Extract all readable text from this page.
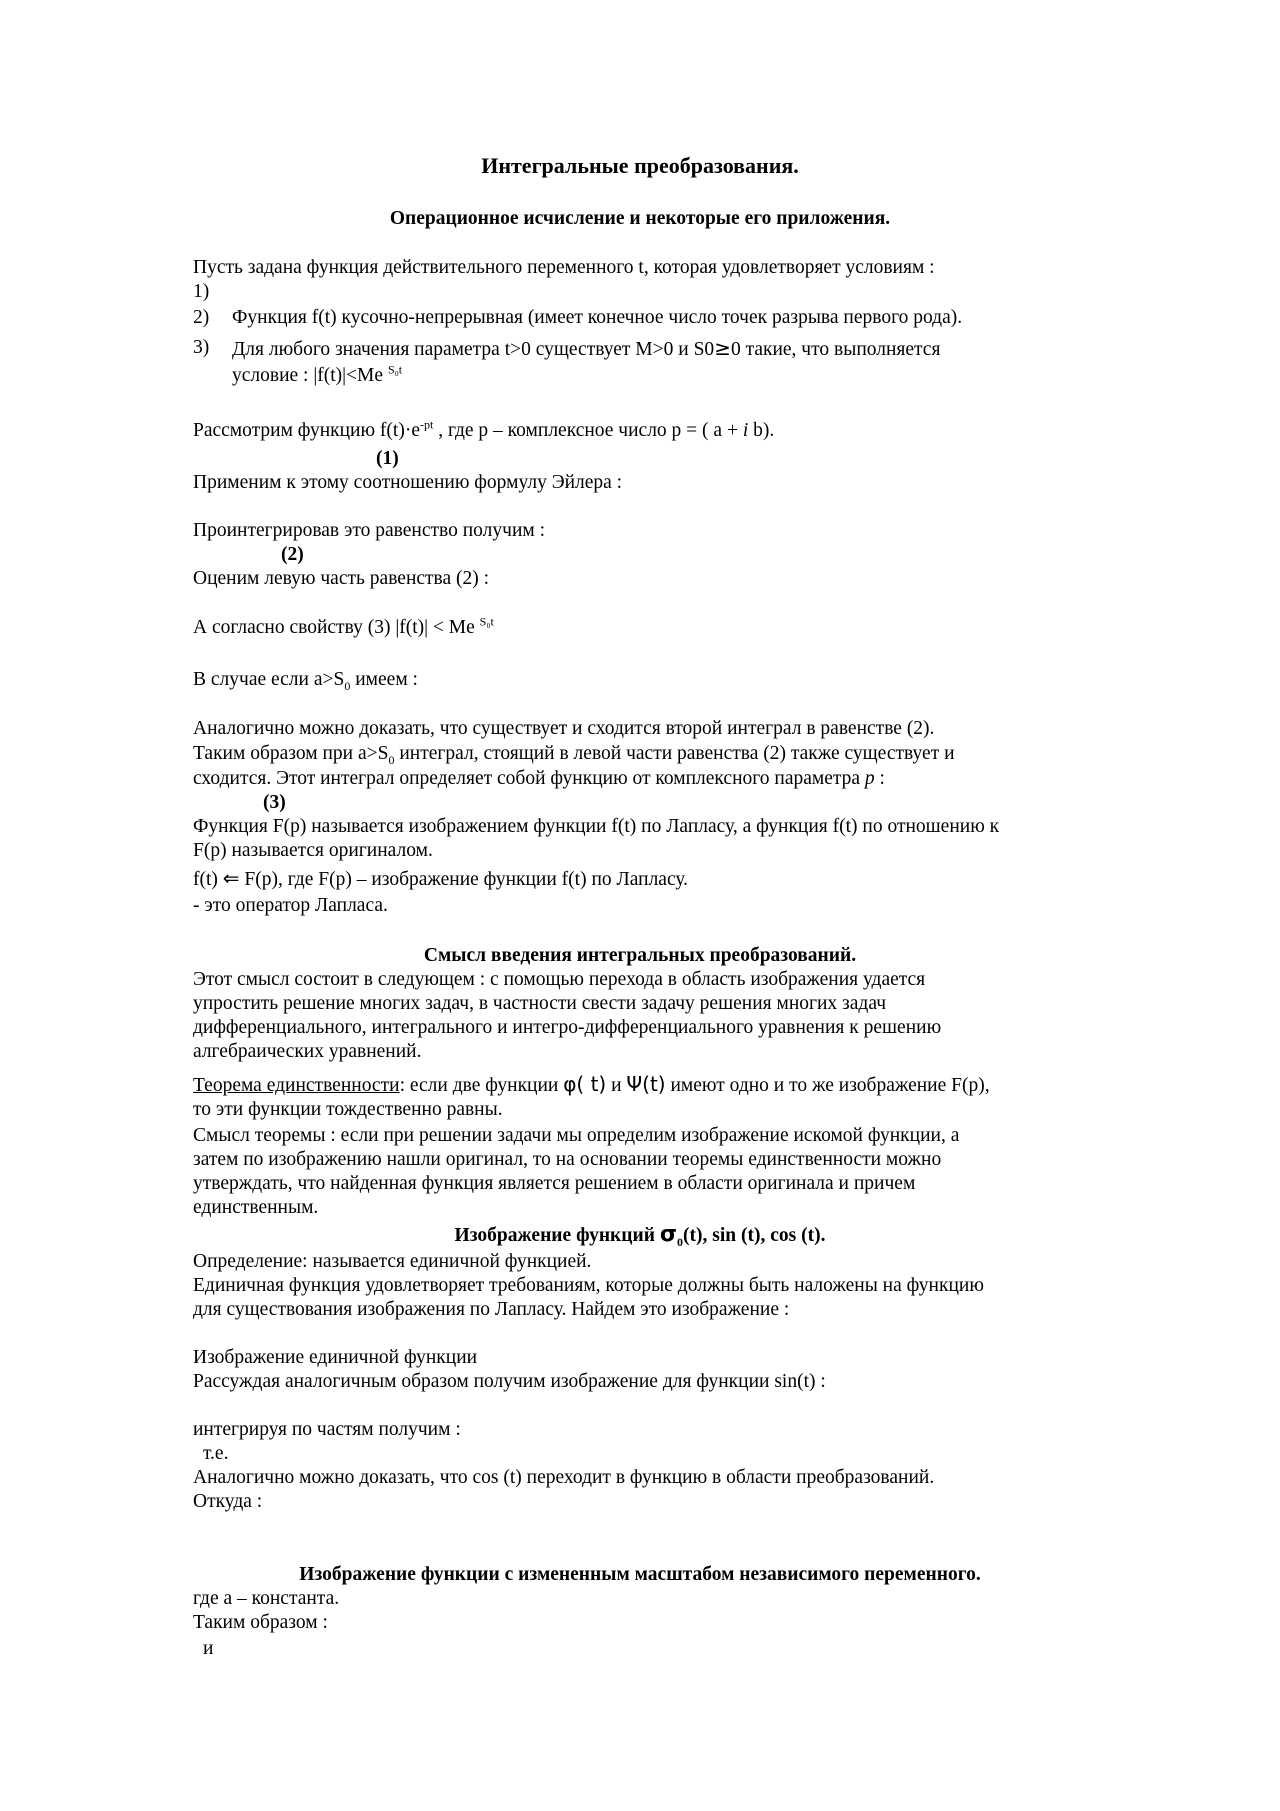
Интегральные преобразования.
Операционное исчисление и некоторые его приложения.
Пусть задана функция действительного переменного t, которая удовлетворяет условиям :
1)
2) Функция f(t) кусочно-непрерывная (имеет конечное число точек разрыва первого рода).
3) Для любого значения параметра t>0 существует M>0 и S0≥0 такие, что выполняется
условие : |f(t)|<Me $^{S_0t}$
Рассмотрим функцию $f(t)\cdot e^{-pt}$ , где p – комплексное число p = ( a + i b).
(1)
Применим к этому соотношению формулу Эйлера :
Проинтегрировав это равенство получим :
(2)
Оценим левую часть равенства (2) :
А согласно свойству (3) |f(t)| < Me $^{S_0t}$
В случае если $a>S_0$ имеем :
Аналогично можно доказать, что существует и сходится второй интеграл в равенстве (2).
Таким образом при $a>S_0$ интеграл, стоящий в левой части равенства (2) также существует и
сходится. Этот интеграл определяет собой функцию от комплексного параметра p :
(3)
Функция F(p) называется изображением функции f(t) по Лапласу, а функция f(t) по отношению к
F(p) называется оригиналом.
f(t) ⇐ F(p), где F(p) – изображение функции f(t) по Лапласу.
- это оператор Лапласа.
Смысл введения интегральных преобразований.
Этот смысл состоит в следующем : с помощью перехода в область изображения удается
упростить решение многих задач, в частности свести задачу решения многих задач
дифференциального, интегрального и интегро-дифференциального уравнения к решению
алгебраических уравнений.
Теорема единственности: если две функции φ( t) и Ψ(t) имеют одно и то же изображение F(p),
то эти функции тождественно равны.
Смысл теоремы : если при решении задачи мы определим изображение искомой функции, а
затем по изображению нашли оригинал, то на основании теоремы единственности можно
утверждать, что найденная функция является решением в области оригинала и причем
единственным.
Изображение функций $\sigma_0(t)$, sin (t), cos (t).
Определение: называется единичной функцией.
Единичная функция удовлетворяет требованиям, которые должны быть наложены на функцию
для существования изображения по Лапласу. Найдем это изображение :
Изображение единичной функции
Рассуждая аналогичным образом получим изображение для функции sin(t) :
интегрируя по частям получим :
т.е.
Аналогично можно доказать, что cos (t) переходит в функцию в области преобразований.
Откуда :
Изображение функции с измененным масштабом независимого переменного.
где а – константа.
Таким образом :
и
